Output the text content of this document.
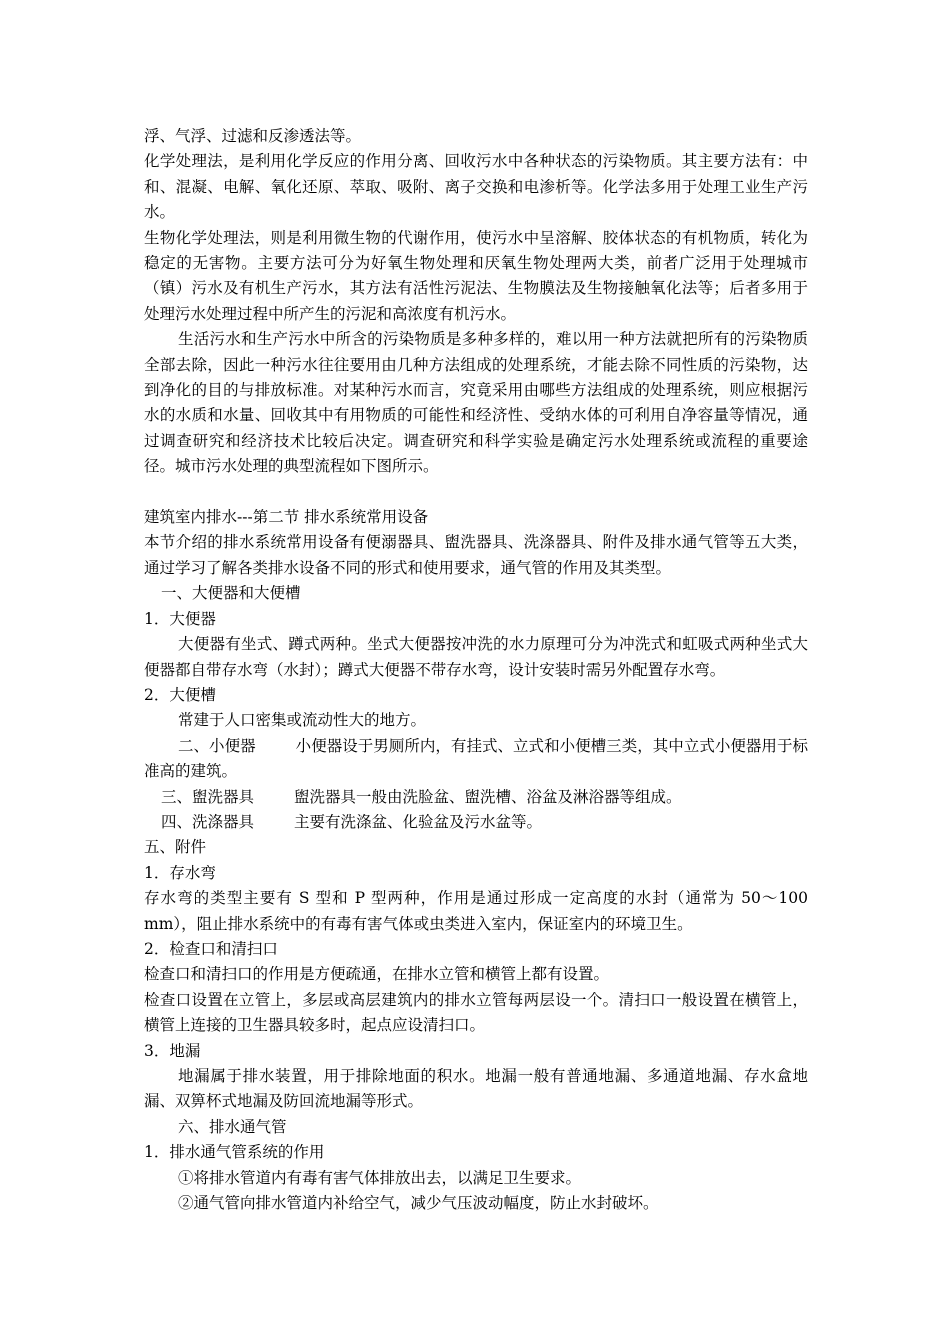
浮、气浮、过滤和反渗透法等。

化学处理法，是利用化学反应的作用分离、回收污水中各种状态的污染物质。其主要方法有：中和、混凝、电解、氧化还原、萃取、吸附、离子交换和电渗析等。化学法多用于处理工业生产污水。

生物化学处理法，则是利用微生物的代谢作用，使污水中呈溶解、胶体状态的有机物质，转化为稳定的无害物。主要方法可分为好氧生物处理和厌氧生物处理两大类，前者广泛用于处理城市（镇）污水及有机生产污水，其方法有活性污泥法、生物膜法及生物接触氧化法等；后者多用于处理污水处理过程中所产生的污泥和高浓度有机污水。

生活污水和生产污水中所含的污染物质是多种多样的，难以用一种方法就把所有的污染物质全部去除，因此一种污水往往要用由几种方法组成的处理系统，才能去除不同性质的污染物，达到净化的目的与排放标准。对某种污水而言，究竟采用由哪些方法组成的处理系统，则应根据污水的水质和水量、回收其中有用物质的可能性和经济性、受纳水体的可利用自净容量等情况，通过调查研究和经济技术比较后决定。调查研究和科学实验是确定污水处理系统或流程的重要途径。城市污水处理的典型流程如下图所示。

建筑室内排水---第二节 排水系统常用设备

本节介绍的排水系统常用设备有便溺器具、盥洗器具、洗涤器具、附件及排水通气管等五大类，通过学习了解各类排水设备不同的形式和使用要求，通气管的作用及其类型。

一、大便器和大便槽

1．大便器

大便器有坐式、蹲式两种。坐式大便器按冲洗的水力原理可分为冲洗式和虹吸式两种坐式大便器都自带存水弯（水封）；蹲式大便器不带存水弯，设计安装时需另外配置存水弯。

2．大便槽

常建于人口密集或流动性大的地方。

二、小便器	小便器设于男厕所内，有挂式、立式和小便槽三类，其中立式小便器用于标准高的建筑。

三、盥洗器具	盥洗器具一般由洗脸盆、盥洗槽、浴盆及淋浴器等组成。

四、洗涤器具	主要有洗涤盆、化验盆及污水盆等。

五、附件

1．存水弯

存水弯的类型主要有 S 型和 P 型两种，作用是通过形成一定高度的水封（通常为 50～100 mm），阻止排水系统中的有毒有害气体或虫类进入室内，保证室内的环境卫生。

2．检查口和清扫口

检查口和清扫口的作用是方便疏通，在排水立管和横管上都有设置。

检查口设置在立管上，多层或高层建筑内的排水立管每两层设一个。清扫口一般设置在横管上，横管上连接的卫生器具较多时，起点应设清扫口。

3．地漏

地漏属于排水装置，用于排除地面的积水。地漏一般有普通地漏、多通道地漏、存水盒地漏、双箅杯式地漏及防回流地漏等形式。

六、排水通气管

1．排水通气管系统的作用

①将排水管道内有毒有害气体排放出去，以满足卫生要求。

②通气管向排水管道内补给空气，减少气压波动幅度，防止水封破坏。
